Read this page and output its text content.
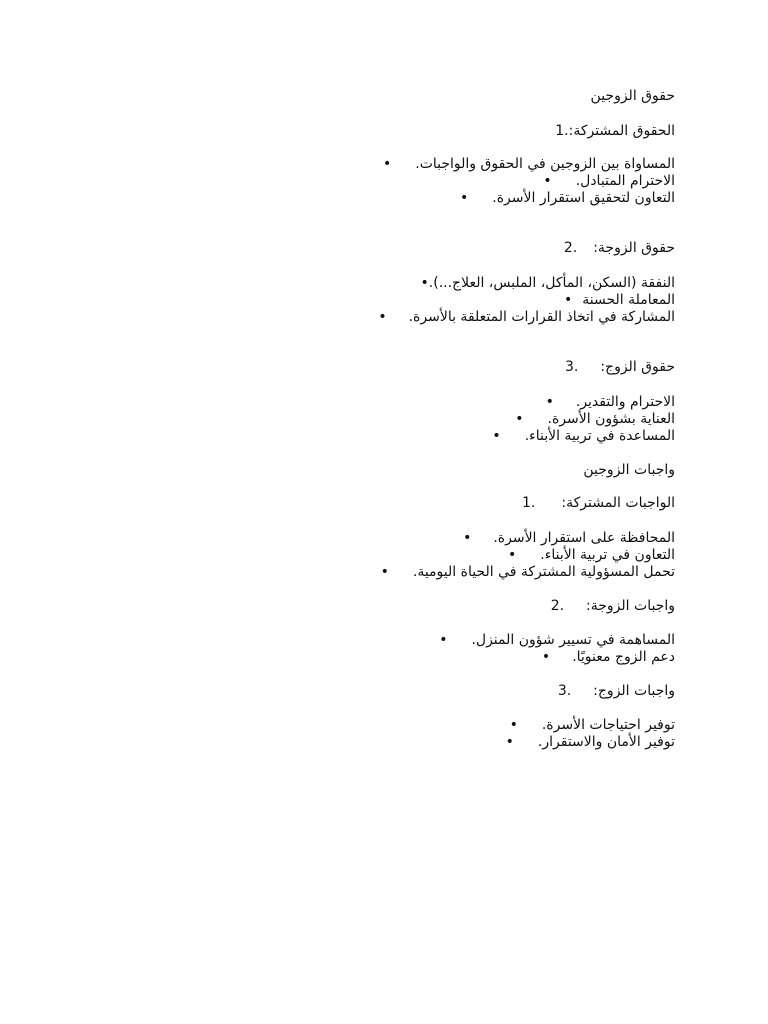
حقوق الزوجين
1.:الحقوق المشتركة
• .المساواة بين الزوجين في الحقوق والواجبات
• .الاحترام المتبادل
• .التعاون لتحقيق استقرار الأسرة
2. :حقوق الزوجة
•.النفقة (السكن، المأكل، الملبس، العلاج...)
• المعاملة الحسنة
• .المشاركة في اتخاذ القرارات المتعلقة بالأسرة
3. :حقوق الزوج
• .الاحترام والتقدير
• .العناية بشؤون الأسرة
• .المساعدة في تربية الأبناء
واجبات الزوجين
1. :الواجبات المشتركة
• .المحافظة على استقرار الأسرة
• .التعاون في تربية الأبناء
• .تحمل المسؤولية المشتركة في الحياة اليومية
2. :واجبات الزوجة
• .المساهمة في تسيير شؤون المنزل
• .دعم الزوج معنويًا
3. :واجبات الزوج
• .توفير احتياجات الأسرة
• .توفير الأمان والاستقرار
